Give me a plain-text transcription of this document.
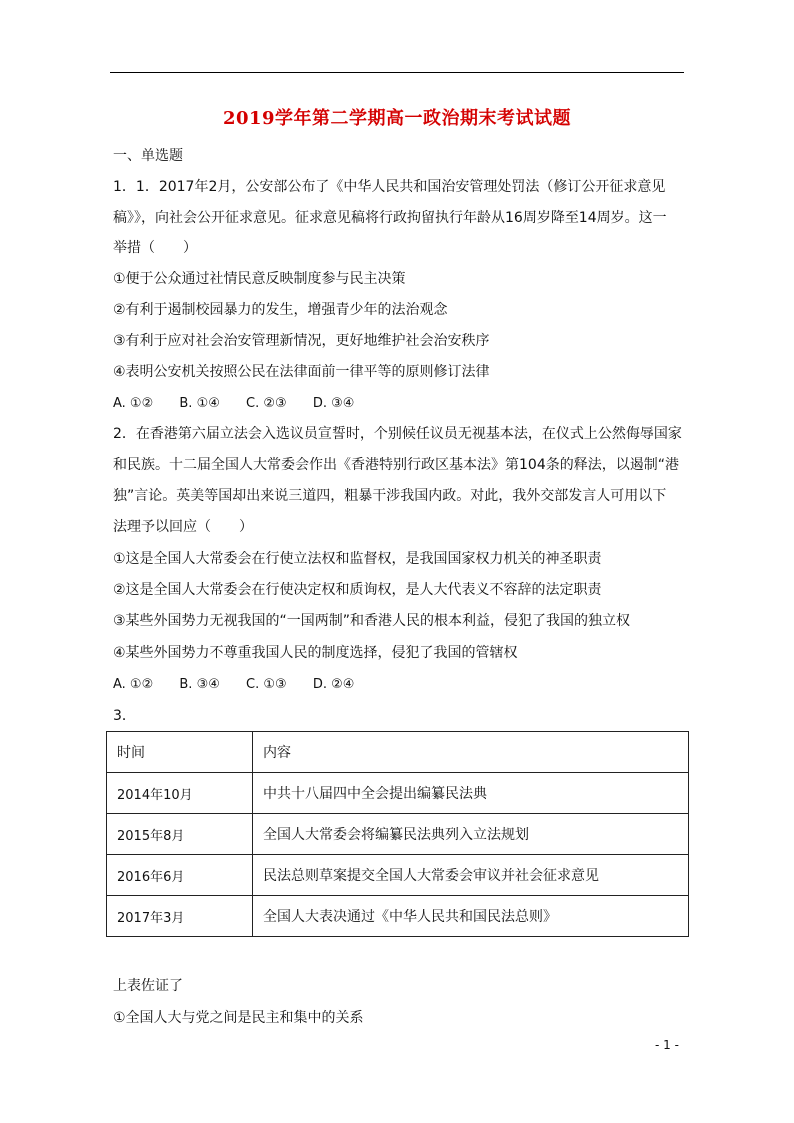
2019学年第二学期高一政治期末考试试题
一、单选题
1．1．2017年2月，公安部公布了《中华人民共和国治安管理处罚法（修订公开征求意见
稿》》，向社会公开征求意见。征求意见稿将行政拘留执行年龄从16周岁降至14周岁。这一
举措（　　）
①便于公众通过社情民意反映制度参与民主决策
②有利于遏制校园暴力的发生，增强青少年的法治观念
③有利于应对社会治安管理新情况，更好地维护社会治安秩序
④表明公安机关按照公民在法律面前一律平等的原则修订法律
A. ①② B. ①④ C. ②③ D. ③④
2．在香港第六届立法会入选议员宣誓时，个别候任议员无视基本法，在仪式上公然侮辱国家
和民族。十二届全国人大常委会作出《香港特别行政区基本法》第104条的释法，以遏制“港
独”言论。英美等国却出来说三道四，粗暴干涉我国内政。对此，我外交部发言人可用以下
法理予以回应（　　）
①这是全国人大常委会在行使立法权和监督权，是我国国家权力机关的神圣职责
②这是全国人大常委会在行使决定权和质询权，是人大代表义不容辞的法定职责
③某些外国势力无视我国的“一国两制”和香港人民的根本利益，侵犯了我国的独立权
④某些外国势力不尊重我国人民的制度选择，侵犯了我国的管辖权
A. ①② B. ③④ C. ①③ D. ②④
3．
时间	内容
2014年10月	中共十八届四中全会提出编纂民法典
2015年8月	全国人大常委会将编纂民法典列入立法规划
2016年6月	民法总则草案提交全国人大常委会审议并社会征求意见
2017年3月	全国人大表决通过《中华人民共和国民法总则》
上表佐证了
①全国人大与党之间是民主和集中的关系
- 1 -
